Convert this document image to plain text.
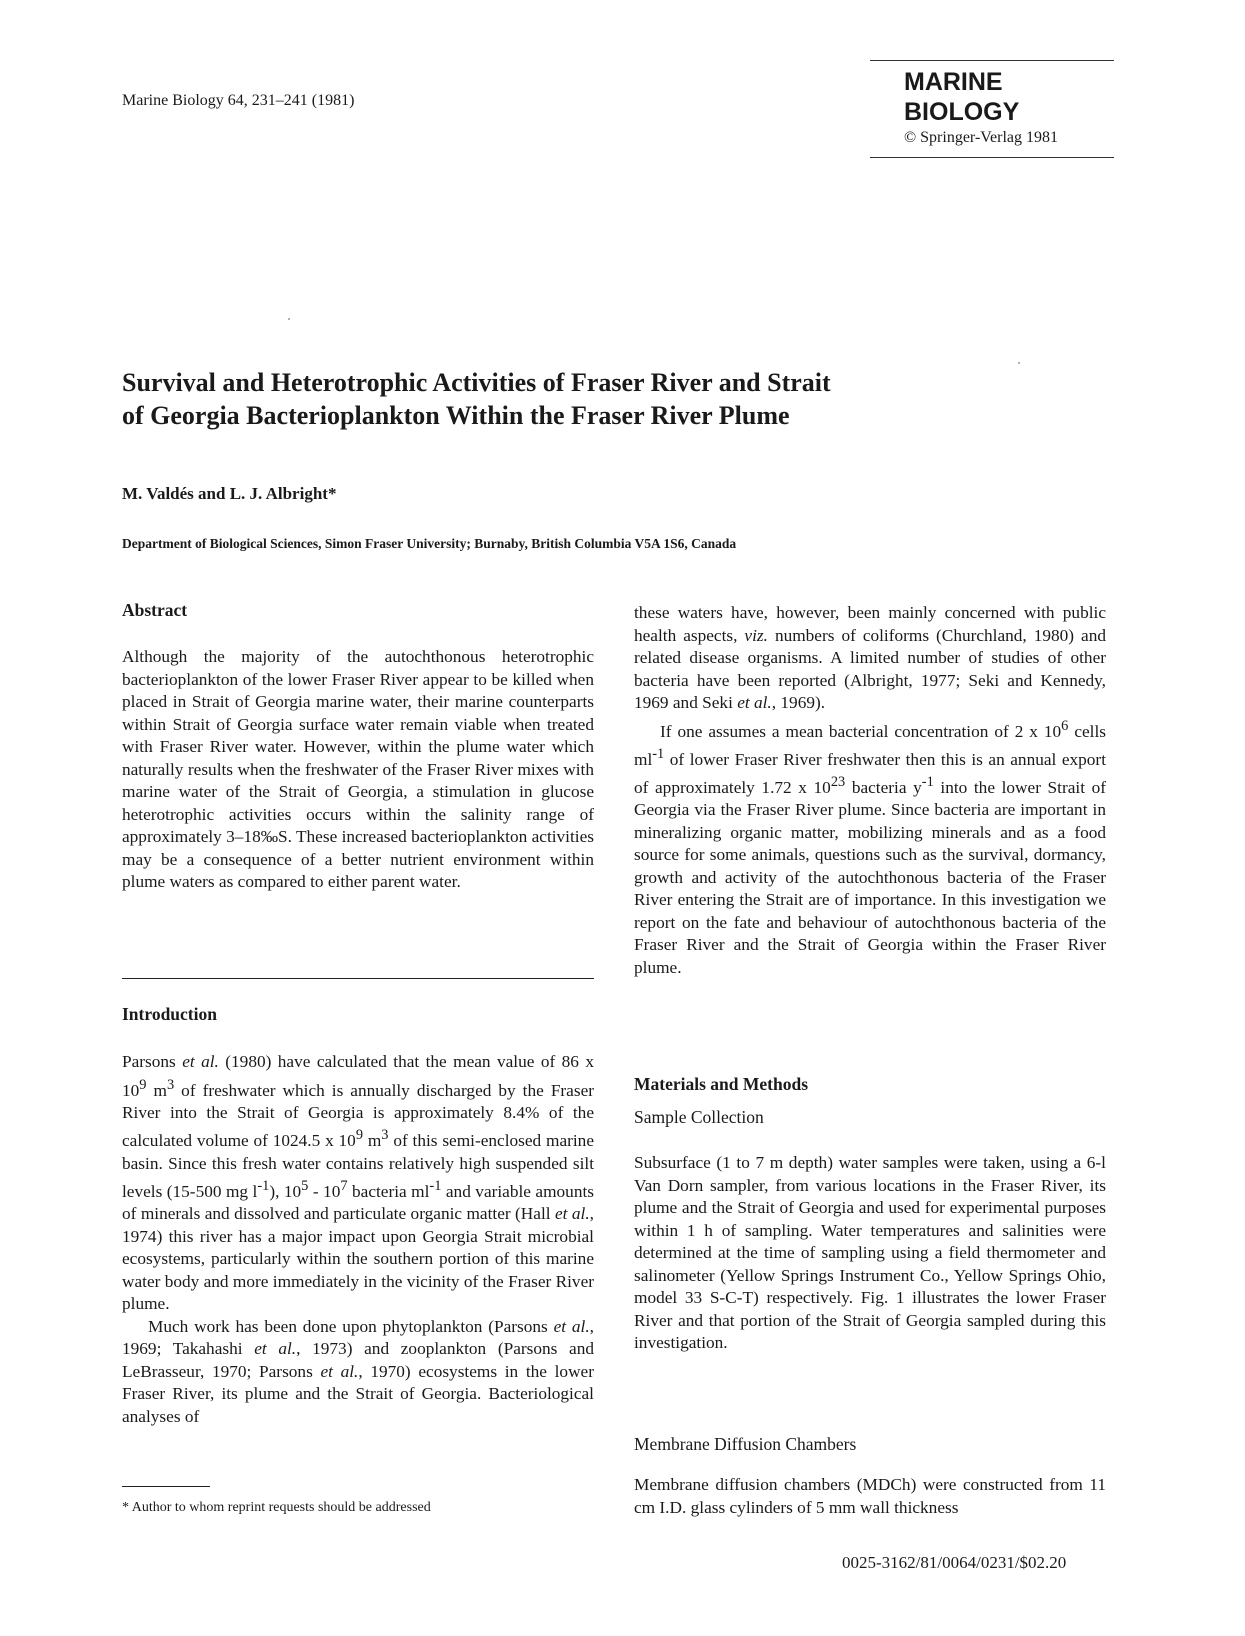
Marine Biology 64, 231–241 (1981)
MARINE BIOLOGY
© Springer-Verlag 1981
Survival and Heterotrophic Activities of Fraser River and Strait
of Georgia Bacterioplankton Within the Fraser River Plume
M. Valdés and L. J. Albright*
Department of Biological Sciences, Simon Fraser University; Burnaby, British Columbia V5A 1S6, Canada
Abstract

Although the majority of the autochthonous heterotrophic bacterioplankton of the lower Fraser River appear to be killed when placed in Strait of Georgia marine water, their marine counterparts within Strait of Georgia surface water remain viable when treated with Fraser River water. However, within the plume water which naturally results when the freshwater of the Fraser River mixes with marine water of the Strait of Georgia, a stimulation in glucose heterotrophic activities occurs within the salinity range of approximately 3–18‰S. These increased bacterioplankton activities may be a consequence of a better nutrient environment within plume waters as compared to either parent water.

Introduction

Parsons et al. (1980) have calculated that the mean value of 86 x $10^9$ $m^3$ of freshwater which is annually discharged by the Fraser River into the Strait of Georgia is approximately 8.4% of the calculated volume of 1024.5 x $10^9$ $m^3$ of this semi-enclosed marine basin. Since this fresh water contains relatively high suspended silt levels (15-500 mg $l^{-1}$), $10^5 - 10^7$ bacteria $ml^{-1}$ and variable amounts of minerals and dissolved and particulate organic matter (Hall et al., 1974) this river has a major impact upon Georgia Strait microbial ecosystems, particularly within the southern portion of this marine water body and more immediately in the vicinity of the Fraser River plume.

Much work has been done upon phytoplankton (Parsons et al., 1969; Takahashi et al., 1973) and zooplankton (Parsons and LeBrasseur, 1970; Parsons et al., 1970) ecosystems in the lower Fraser River, its plume and the Strait of Georgia. Bacteriological analyses of

* Author to whom reprint requests should be addressed

these waters have, however, been mainly concerned with public health aspects, viz. numbers of coliforms (Churchland, 1980) and related disease organisms. A limited number of studies of other bacteria have been reported (Albright, 1977; Seki and Kennedy, 1969 and Seki et al., 1969).

If one assumes a mean bacterial concentration of 2 x $10^6$ cells $ml^{-1}$ of lower Fraser River freshwater then this is an annual export of approximately 1.72 x $10^{23}$ bacteria $y^{-1}$ into the lower Strait of Georgia via the Fraser River plume. Since bacteria are important in mineralizing organic matter, mobilizing minerals and as a food source for some animals, questions such as the survival, dormancy, growth and activity of the autochthonous bacteria of the Fraser River entering the Strait are of importance. In this investigation we report on the fate and behaviour of autochthonous bacteria of the Fraser River and the Strait of Georgia within the Fraser River plume.

Materials and Methods
Sample Collection

Subsurface (1 to 7 m depth) water samples were taken, using a 6-l Van Dorn sampler, from various locations in the Fraser River, its plume and the Strait of Georgia and used for experimental purposes within 1 h of sampling. Water temperatures and salinities were determined at the time of sampling using a field thermometer and salinometer (Yellow Springs Instrument Co., Yellow Springs Ohio, model 33 S-C-T) respectively. Fig. 1 illustrates the lower Fraser River and that portion of the Strait of Georgia sampled during this investigation.

Membrane Diffusion Chambers

Membrane diffusion chambers (MDCh) were constructed from 11 cm I.D. glass cylinders of 5 mm wall thickness

0025-3162/81/0064/0231/$02.20
